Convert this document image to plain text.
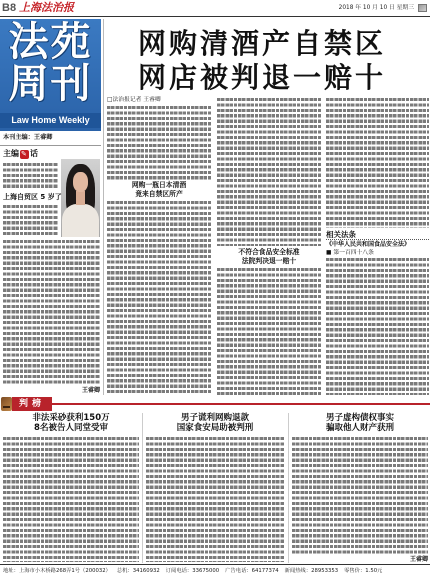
B8 上海法治报	2018 年 10 月 10 日 星期三
法苑
周刊
Law Home Weekly
本刊主编：王睿卿
主编
✎ 话
上海自贸区 5 岁了
王睿卿
网购清酒产自禁区
网店被判退一赔十
□法治报记者 王睿卿
网购一瓶日本清酒
竟来自禁区所产
不符合食品安全标准
法院判决退一赔十
相关法条
《中华人民共和国食品安全法》
■ 第一百四十八条
判榜
非法采砂获利150万
8名被告人同堂受审
男子谎利网购退款
国家食安局助被判刑
男子虚构债权事实
骗取他人财产获刑
王睿卿
地址：上海市小木桥路268弄1号（200032） 总机：34160932 订阅电话：33675000 广告电话：64177374 新闻热线：28953353 零售价：1.50元
